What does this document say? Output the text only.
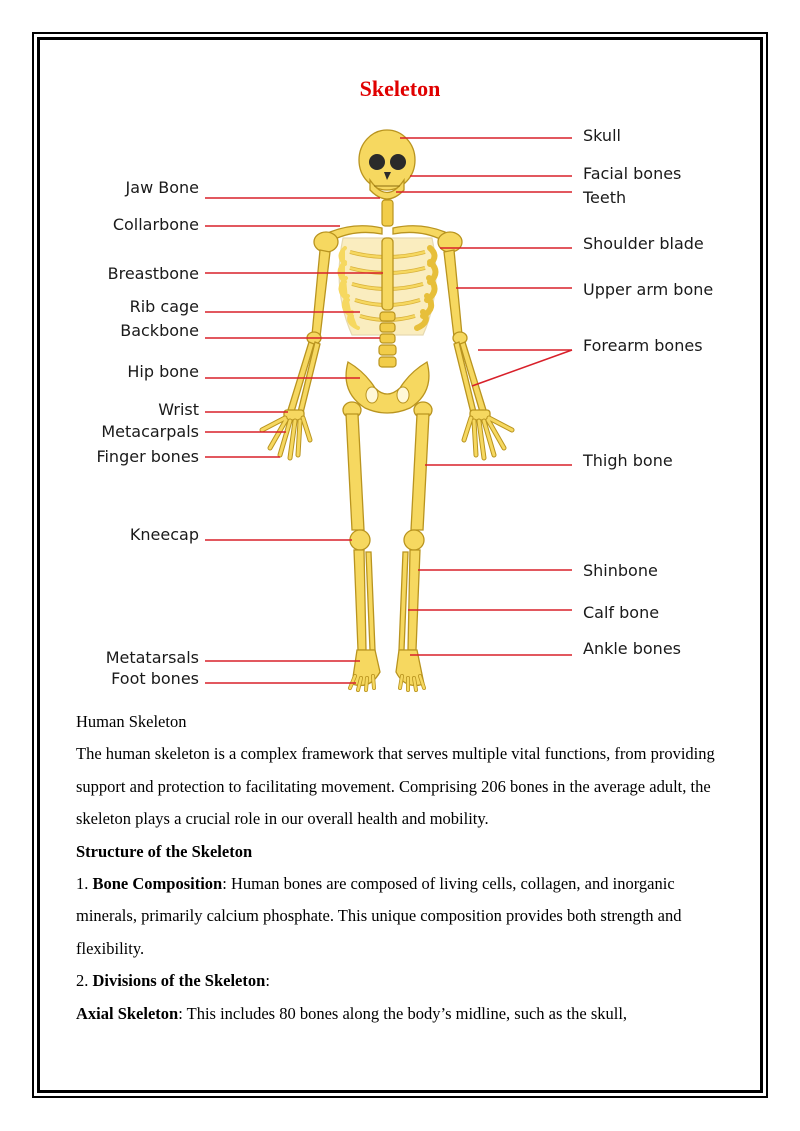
Skeleton
Skull
Facial bones
Teeth
Shoulder blade
Upper arm bone
Forearm bones
Thigh bone
Shinbone
Calf bone
Ankle bones
Jaw Bone
Collarbone
Breastbone
Rib cage
Backbone
Hip bone
Wrist
Metacarpals
Finger bones
Kneecap
Metatarsals
Foot bones

Human Skeleton

The human skeleton is a complex framework that serves multiple vital functions, from providing support and protection to facilitating movement. Comprising 206 bones in the average adult, the skeleton plays a crucial role in our overall health and mobility.

Structure of the Skeleton

1. Bone Composition: Human bones are composed of living cells, collagen, and inorganic minerals, primarily calcium phosphate. This unique composition provides both strength and flexibility.

2. Divisions of the Skeleton:

Axial Skeleton: This includes 80 bones along the body’s midline, such as the skull,
